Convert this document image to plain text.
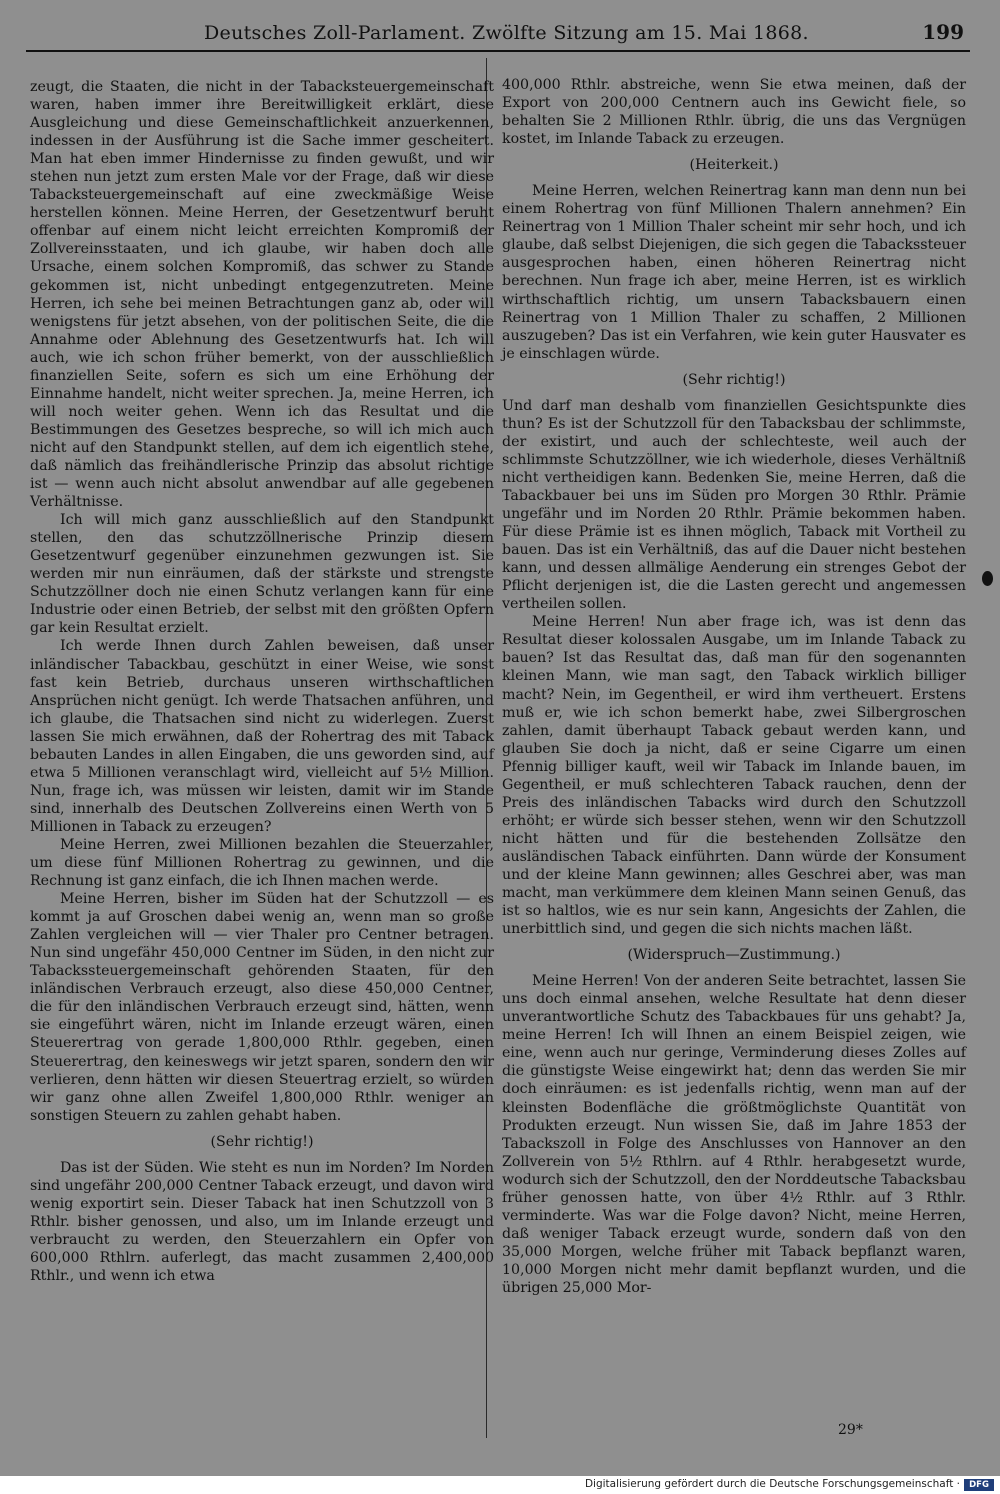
Deutsches Zoll-Parlament. Zwölfte Sitzung am 15. Mai 1868.	199

zeugt, die Staaten, die nicht in der Tabacksteuergemeinschaft waren, haben immer ihre Bereitwilligkeit erklärt, diese Ausgleichung und diese Gemeinschaftlichkeit anzuerkennen, indessen in der Ausführung ist die Sache immer gescheitert. Man hat eben immer Hindernisse zu finden gewußt, und wir stehen nun jetzt zum ersten Male vor der Frage, daß wir diese Tabacksteuergemeinschaft auf eine zweckmäßige Weise herstellen können. Meine Herren, der Gesetzentwurf beruht offenbar auf einem nicht leicht erreichten Kompromiß der Zollvereinsstaaten, und ich glaube, wir haben doch alle Ursache, einem solchen Kompromiß, das schwer zu Stande gekommen ist, nicht unbedingt entgegenzutreten. Meine Herren, ich sehe bei meinen Betrachtungen ganz ab, oder will wenigstens für jetzt absehen, von der politischen Seite, die die Annahme oder Ablehnung des Gesetzentwurfs hat. Ich will auch, wie ich schon früher bemerkt, von der ausschließlich finanziellen Seite, sofern es sich um eine Erhöhung der Einnahme handelt, nicht weiter sprechen. Ja, meine Herren, ich will noch weiter gehen. Wenn ich das Resultat und die Bestimmungen des Gesetzes bespreche, so will ich mich auch nicht auf den Standpunkt stellen, auf dem ich eigentlich stehe, daß nämlich das freihändlerische Prinzip das absolut richtige ist — wenn auch nicht absolut anwendbar auf alle gegebenen Verhältnisse.

Ich will mich ganz ausschließlich auf den Standpunkt stellen, den das schutzzöllnerische Prinzip diesem Gesetzentwurf gegenüber einzunehmen gezwungen ist. Sie werden mir nun einräumen, daß der stärkste und strengste Schutzzöllner doch nie einen Schutz verlangen kann für eine Industrie oder einen Betrieb, der selbst mit den größten Opfern gar kein Resultat erzielt.

Ich werde Ihnen durch Zahlen beweisen, daß unser inländischer Tabackbau, geschützt in einer Weise, wie sonst fast kein Betrieb, durchaus unseren wirthschaftlichen Ansprüchen nicht genügt. Ich werde Thatsachen anführen, und ich glaube, die Thatsachen sind nicht zu widerlegen. Zuerst lassen Sie mich erwähnen, daß der Rohertrag des mit Taback bebauten Landes in allen Eingaben, die uns geworden sind, auf etwa 5 Millionen veranschlagt wird, vielleicht auf 5½ Million. Nun, frage ich, was müssen wir leisten, damit wir im Stande sind, innerhalb des Deutschen Zollvereins einen Werth von 5 Millionen in Taback zu erzeugen?

Meine Herren, zwei Millionen bezahlen die Steuerzahler, um diese fünf Millionen Rohertrag zu gewinnen, und die Rechnung ist ganz einfach, die ich Ihnen machen werde.

Meine Herren, bisher im Süden hat der Schutzzoll — es kommt ja auf Groschen dabei wenig an, wenn man so große Zahlen vergleichen will — vier Thaler pro Centner betragen. Nun sind ungefähr 450,000 Centner im Süden, in den nicht zur Tabackssteuergemeinschaft gehörenden Staaten, für den inländischen Verbrauch erzeugt, also diese 450,000 Centner, die für den inländischen Verbrauch erzeugt sind, hätten, wenn sie eingeführt wären, nicht im Inlande erzeugt wären, einen Steuerertrag von gerade 1,800,000 Rthlr. gegeben, einen Steuerertrag, den keineswegs wir jetzt sparen, sondern den wir verlieren, denn hätten wir diesen Steuertrag erzielt, so würden wir ganz ohne allen Zweifel 1,800,000 Rthlr. weniger an sonstigen Steuern zu zahlen gehabt haben.

(Sehr richtig!)

Das ist der Süden. Wie steht es nun im Norden? Im Norden sind ungefähr 200,000 Centner Taback erzeugt, und davon wird wenig exportirt sein. Dieser Taback hat inen Schutzzoll von 3 Rthlr. bisher genossen, und also, um im Inlande erzeugt und verbraucht zu werden, den Steuerzahlern ein Opfer von 600,000 Rthlrn. auferlegt, das macht zusammen 2,400,000 Rthlr., und wenn ich etwa

400,000 Rthlr. abstreiche, wenn Sie etwa meinen, daß der Export von 200,000 Centnern auch ins Gewicht fiele, so behalten Sie 2 Millionen Rthlr. übrig, die uns das Vergnügen kostet, im Inlande Taback zu erzeugen.

(Heiterkeit.)

Meine Herren, welchen Reinertrag kann man denn nun bei einem Rohertrag von fünf Millionen Thalern annehmen? Ein Reinertrag von 1 Million Thaler scheint mir sehr hoch, und ich glaube, daß selbst Diejenigen, die sich gegen die Tabackssteuer ausgesprochen haben, einen höheren Reinertrag nicht berechnen. Nun frage ich aber, meine Herren, ist es wirklich wirthschaftlich richtig, um unsern Tabacksbauern einen Reinertrag von 1 Million Thaler zu schaffen, 2 Millionen auszugeben? Das ist ein Verfahren, wie kein guter Hausvater es je einschlagen würde.

(Sehr richtig!)

Und darf man deshalb vom finanziellen Gesichtspunkte dies thun? Es ist der Schutzzoll für den Tabacksbau der schlimmste, der existirt, und auch der schlechteste, weil auch der schlimmste Schutzzöllner, wie ich wiederhole, dieses Verhältniß nicht vertheidigen kann. Bedenken Sie, meine Herren, daß die Tabackbauer bei uns im Süden pro Morgen 30 Rthlr. Prämie ungefähr und im Norden 20 Rthlr. Prämie bekommen haben. Für diese Prämie ist es ihnen möglich, Taback mit Vortheil zu bauen. Das ist ein Verhältniß, das auf die Dauer nicht bestehen kann, und dessen allmälige Aenderung ein strenges Gebot der Pflicht derjenigen ist, die die Lasten gerecht und angemessen vertheilen sollen.

Meine Herren! Nun aber frage ich, was ist denn das Resultat dieser kolossalen Ausgabe, um im Inlande Taback zu bauen? Ist das Resultat das, daß man für den sogenannten kleinen Mann, wie man sagt, den Taback wirklich billiger macht? Nein, im Gegentheil, er wird ihm vertheuert. Erstens muß er, wie ich schon bemerkt habe, zwei Silbergroschen zahlen, damit überhaupt Taback gebaut werden kann, und glauben Sie doch ja nicht, daß er seine Cigarre um einen Pfennig billiger kauft, weil wir Taback im Inlande bauen, im Gegentheil, er muß schlechteren Taback rauchen, denn der Preis des inländischen Tabacks wird durch den Schutzzoll erhöht; er würde sich besser stehen, wenn wir den Schutzzoll nicht hätten und für die bestehenden Zollsätze den ausländischen Taback einführten. Dann würde der Konsument und der kleine Mann gewinnen; alles Geschrei aber, was man macht, man verkümmere dem kleinen Mann seinen Genuß, das ist so haltlos, wie es nur sein kann, Angesichts der Zahlen, die unerbittlich sind, und gegen die sich nichts machen läßt.

(Widerspruch—Zustimmung.)

Meine Herren! Von der anderen Seite betrachtet, lassen Sie uns doch einmal ansehen, welche Resultate hat denn dieser unverantwortliche Schutz des Tabackbaues für uns gehabt? Ja, meine Herren! Ich will Ihnen an einem Beispiel zeigen, wie eine, wenn auch nur geringe, Verminderung dieses Zolles auf die günstigste Weise eingewirkt hat; denn das werden Sie mir doch einräumen: es ist jedenfalls richtig, wenn man auf der kleinsten Bodenfläche die größtmöglichste Quantität von Produkten erzeugt. Nun wissen Sie, daß im Jahre 1853 der Tabackszoll in Folge des Anschlusses von Hannover an den Zollverein von 5½ Rthlrn. auf 4 Rthlr. herabgesetzt wurde, wodurch sich der Schutzzoll, den der Norddeutsche Tabacksbau früher genossen hatte, von über 4½ Rthlr. auf 3 Rthlr. verminderte. Was war die Folge davon? Nicht, meine Herren, daß weniger Taback erzeugt wurde, sondern daß von den 35,000 Morgen, welche früher mit Taback bepflanzt waren, 10,000 Morgen nicht mehr damit bepflanzt wurden, und die übrigen 25,000 Mor-

29*
Digitalisierung gefördert durch die Deutsche Forschungsgemeinschaft ·	DFG
